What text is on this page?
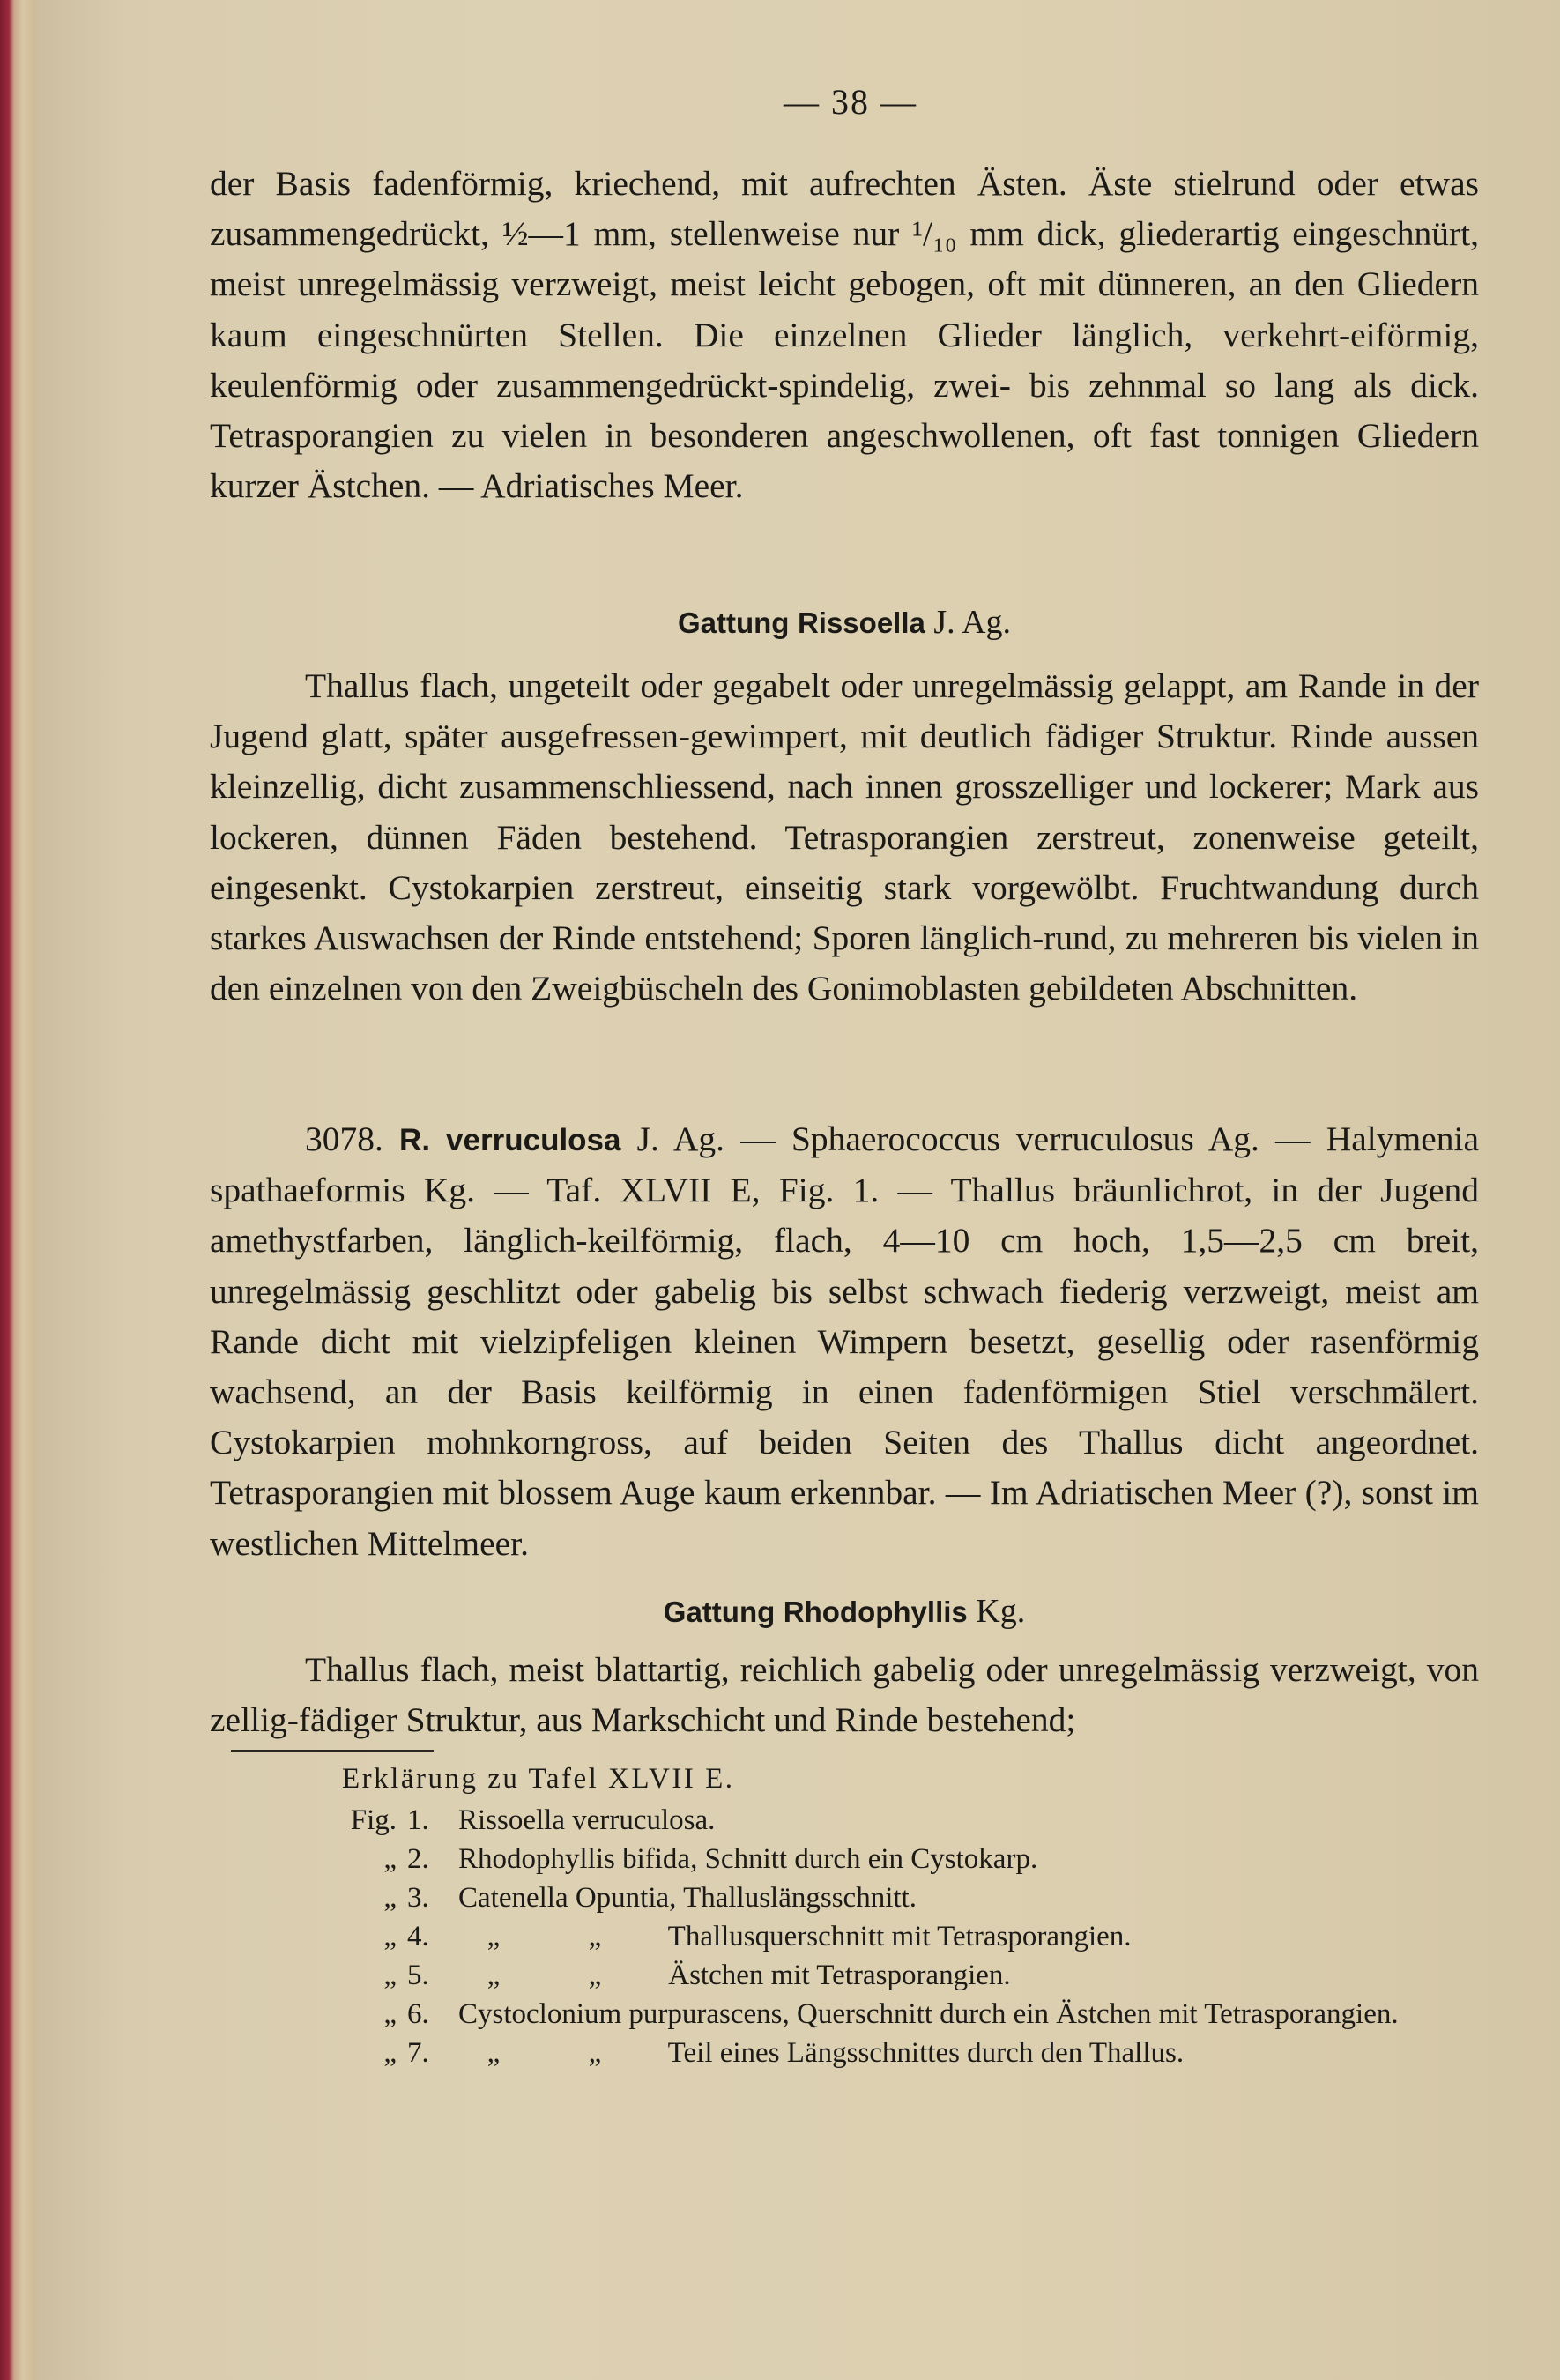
— 38 —

der Basis fadenförmig, kriechend, mit aufrechten Ästen. Äste stielrund oder etwas zusammengedrückt, ½—1 mm, stellenweise nur ¹/₁₀ mm dick, gliederartig eingeschnürt, meist unregelmässig verzweigt, meist leicht gebogen, oft mit dünneren, an den Gliedern kaum eingeschnürten Stellen. Die einzelnen Glieder länglich, verkehrt-eiförmig, keulenförmig oder zusammengedrückt-spindelig, zwei- bis zehnmal so lang als dick. Tetrasporangien zu vielen in besonderen angeschwollenen, oft fast tonnigen Gliedern kurzer Ästchen. — Adriatisches Meer.

Gattung Rissoella J. Ag.

Thallus flach, ungeteilt oder gegabelt oder unregelmässig gelappt, am Rande in der Jugend glatt, später ausgefressen-gewimpert, mit deutlich fädiger Struktur. Rinde aussen kleinzellig, dicht zusammenschliessend, nach innen grosszelliger und lockerer; Mark aus lockeren, dünnen Fäden bestehend. Tetrasporangien zerstreut, zonenweise geteilt, eingesenkt. Cystokarpien zerstreut, einseitig stark vorgewölbt. Fruchtwandung durch starkes Auswachsen der Rinde entstehend; Sporen länglich-rund, zu mehreren bis vielen in den einzelnen von den Zweigbüscheln des Gonimoblasten gebildeten Abschnitten.

3078. R. verruculosa J. Ag. — Sphaerococcus verruculosus Ag. — Halymenia spathaeformis Kg. — Taf. XLVII E, Fig. 1. — Thallus bräunlichrot, in der Jugend amethystfarben, länglich-keilförmig, flach, 4—10 cm hoch, 1,5—2,5 cm breit, unregelmässig geschlitzt oder gabelig bis selbst schwach fiederig verzweigt, meist am Rande dicht mit vielzipfeligen kleinen Wimpern besetzt, gesellig oder rasenförmig wachsend, an der Basis keilförmig in einen fadenförmigen Stiel verschmälert. Cystokarpien mohnkorngross, auf beiden Seiten des Thallus dicht angeordnet. Tetrasporangien mit blossem Auge kaum erkennbar. — Im Adriatischen Meer (?), sonst im westlichen Mittelmeer.

Gattung Rhodophyllis Kg.

Thallus flach, meist blattartig, reichlich gabelig oder unregelmässig verzweigt, von zellig-fädiger Struktur, aus Markschicht und Rinde bestehend;

Erklärung zu Tafel XLVII E.
Fig. 1.	Rissoella verruculosa.
„ 2.	Rhodophyllis bifida, Schnitt durch ein Cystokarp.
„ 3.	Catenella Opuntia, Thalluslängsschnitt.
„ 4.	„	„ Thallusquerschnitt mit Tetrasporangien.
„ 5.	„	„ Ästchen mit Tetrasporangien.
„ 6.	Cystoclonium purpurascens, Querschnitt durch ein Ästchen mit Tetrasporangien.
„ 7.	„	„ Teil eines Längsschnittes durch den Thallus.
